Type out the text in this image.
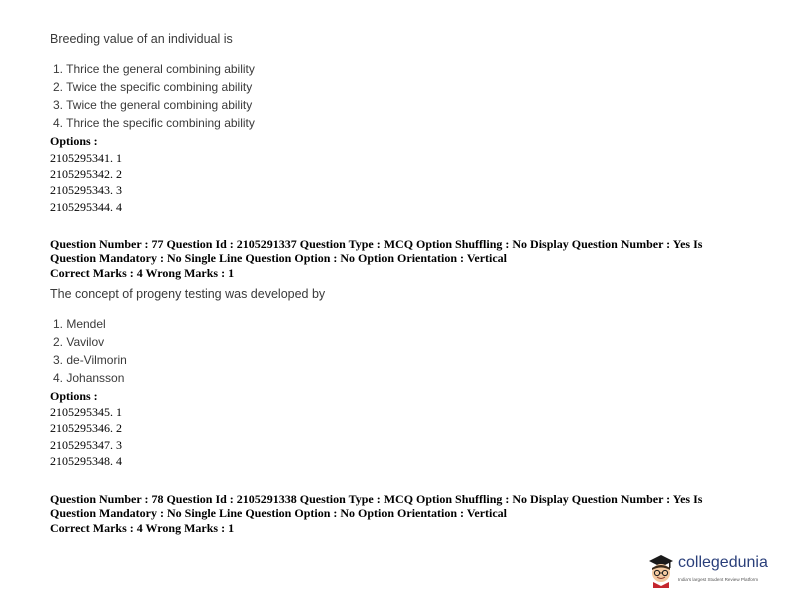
Breeding value of an individual is
1. Thrice the general combining ability
2. Twice the specific combining ability
3. Twice the general combining ability
4. Thrice the specific combining ability
Options :
2105295341. 1
2105295342. 2
2105295343. 3
2105295344. 4
Question Number : 77 Question Id : 2105291337 Question Type : MCQ Option Shuffling : No Display Question Number : Yes Is
Question Mandatory : No Single Line Question Option : No Option Orientation : Vertical
Correct Marks : 4 Wrong Marks : 1
The concept of progeny testing was developed by
1. Mendel
2. Vavilov
3. de-Vilmorin
4. Johansson
Options :
2105295345. 1
2105295346. 2
2105295347. 3
2105295348. 4
Question Number : 78 Question Id : 2105291338 Question Type : MCQ Option Shuffling : No Display Question Number : Yes Is
Question Mandatory : No Single Line Question Option : No Option Orientation : Vertical
Correct Marks : 4 Wrong Marks : 1
collegedunia
India's largest Student Review Platform
